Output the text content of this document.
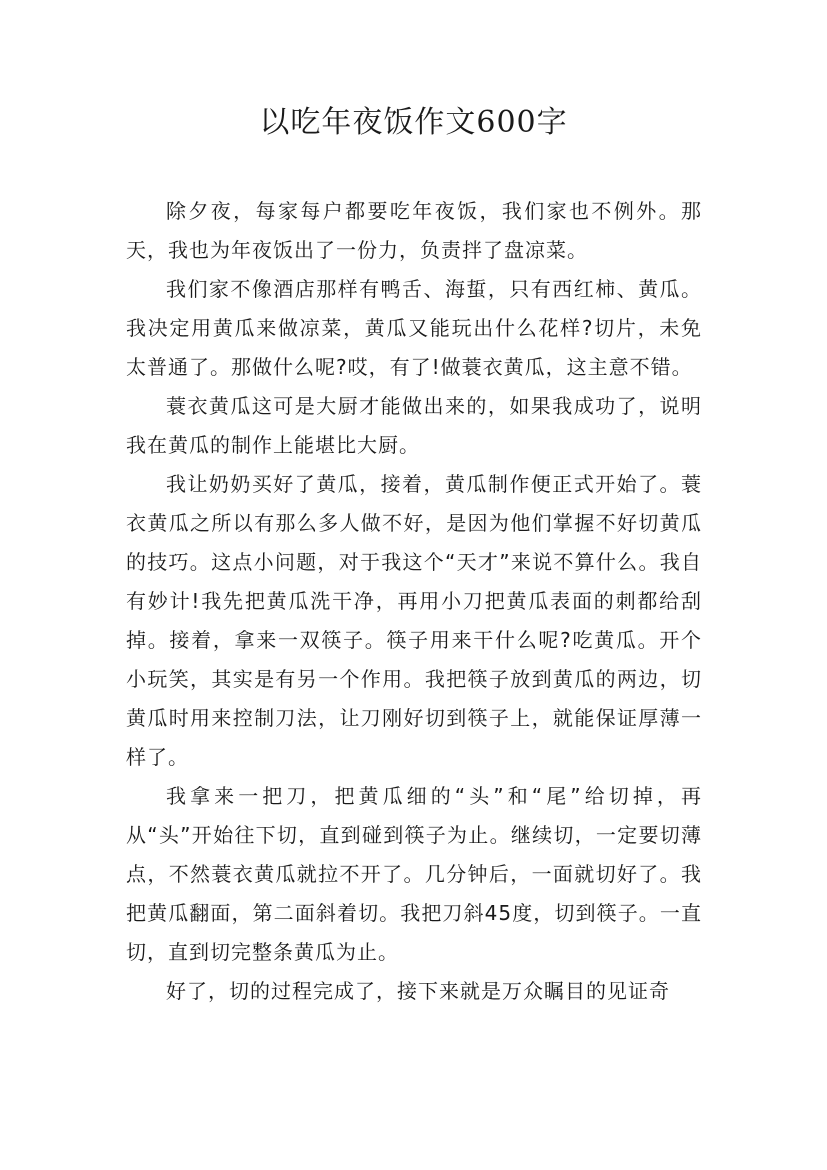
以吃年夜饭作文600字

除夕夜，每家每户都要吃年夜饭，我们家也不例外。那天，我也为年夜饭出了一份力，负责拌了盘凉菜。

我们家不像酒店那样有鸭舌、海蜇，只有西红柿、黄瓜。我决定用黄瓜来做凉菜，黄瓜又能玩出什么花样?切片，未免太普通了。那做什么呢?哎，有了!做蓑衣黄瓜，这主意不错。

蓑衣黄瓜这可是大厨才能做出来的，如果我成功了，说明我在黄瓜的制作上能堪比大厨。

我让奶奶买好了黄瓜，接着，黄瓜制作便正式开始了。蓑衣黄瓜之所以有那么多人做不好，是因为他们掌握不好切黄瓜的技巧。这点小问题，对于我这个“天才”来说不算什么。我自有妙计!我先把黄瓜洗干净，再用小刀把黄瓜表面的刺都给刮掉。接着，拿来一双筷子。筷子用来干什么呢?吃黄瓜。开个小玩笑，其实是有另一个作用。我把筷子放到黄瓜的两边，切黄瓜时用来控制刀法，让刀刚好切到筷子上，就能保证厚薄一样了。

我拿来一把刀，把黄瓜细的“头”和“尾”给切掉，再从“头”开始往下切，直到碰到筷子为止。继续切，一定要切薄点，不然蓑衣黄瓜就拉不开了。几分钟后，一面就切好了。我把黄瓜翻面，第二面斜着切。我把刀斜45度，切到筷子。一直切，直到切完整条黄瓜为止。

好了，切的过程完成了，接下来就是万众瞩目的见证奇
